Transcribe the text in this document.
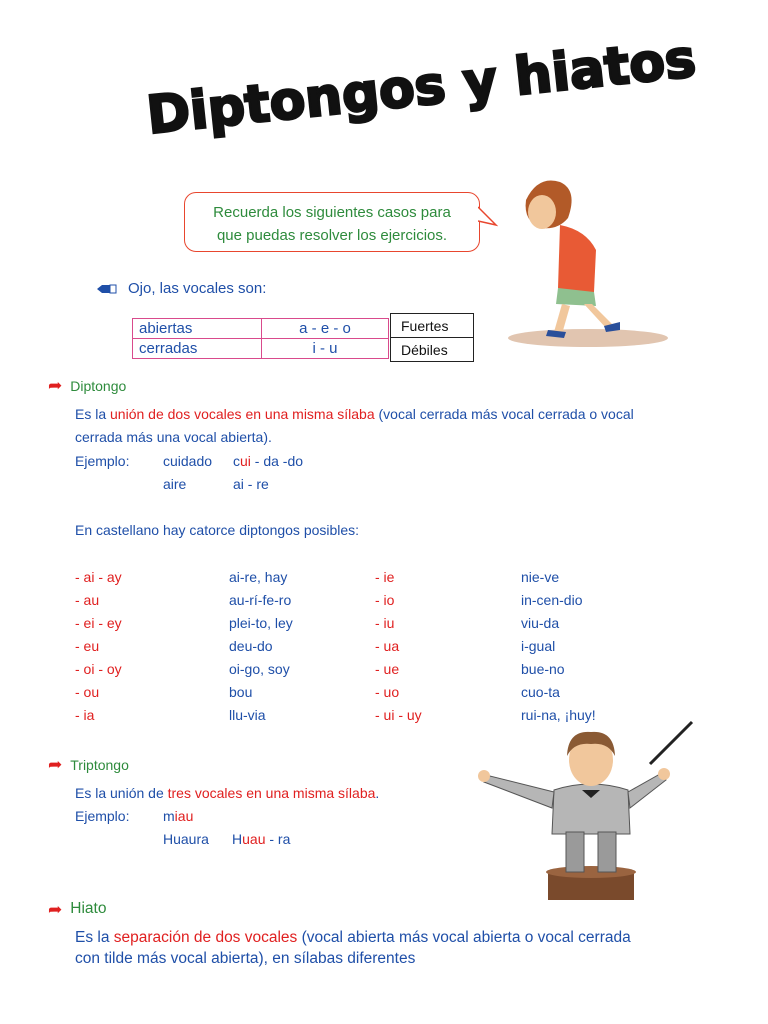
Diptongos y hiatos
Recuerda los siguientes casos para
que puedas resolver los ejercicios.
Ojo, las vocales son:
abiertas	a - e - o
cerradas	i - u
Fuertes
Débiles
➦ Diptongo
Es la unión de dos vocales en una misma sílaba (vocal cerrada más vocal cerrada o vocal
cerrada más una vocal abierta).
Ejemplo: cuidado cui - da -do
aire	ai - re
En castellano hay catorce diptongos posibles:
- ai - ay	ai-re, hay	- ie	nie-ve
- au	au-rí-fe-ro	- io	in-cen-dio
- ei - ey	plei-to, ley	- iu	viu-da
- eu	deu-do	- ua	i-gual
- oi - oy	oi-go, soy	- ue	bue-no
- ou	bou	- uo	cuo-ta
- ia	llu-via	- ui - uy	rui-na, ¡huy!
➦ Triptongo
Es la unión de tres vocales en una misma sílaba.
Ejemplo: miau
Huaura Huau - ra
➦ Hiato
Es la separación de dos vocales (vocal abierta más vocal abierta o vocal cerrada
con tilde más vocal abierta), en sílabas diferentes
